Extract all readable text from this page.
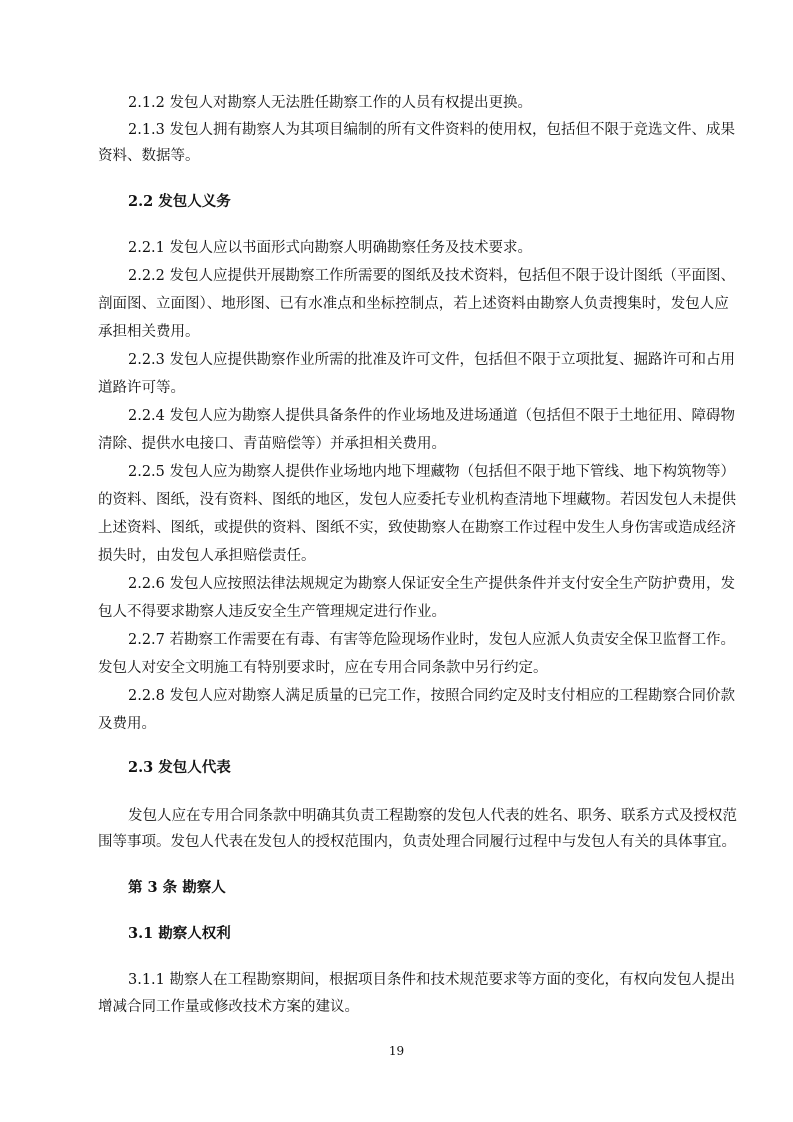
2.1.2 发包人对勘察人无法胜任勘察工作的人员有权提出更换。

2.1.3 发包人拥有勘察人为其项目编制的所有文件资料的使用权，包括但不限于竞选文件、成果

资料、数据等。

2.2 发包人义务

2.2.1 发包人应以书面形式向勘察人明确勘察任务及技术要求。

2.2.2 发包人应提供开展勘察工作所需要的图纸及技术资料，包括但不限于设计图纸（平面图、

剖面图、立面图）、地形图、已有水准点和坐标控制点，若上述资料由勘察人负责搜集时，发包人应

承担相关费用。

2.2.3 发包人应提供勘察作业所需的批准及许可文件，包括但不限于立项批复、掘路许可和占用

道路许可等。

2.2.4 发包人应为勘察人提供具备条件的作业场地及进场通道（包括但不限于土地征用、障碍物

清除、提供水电接口、青苗赔偿等）并承担相关费用。

2.2.5 发包人应为勘察人提供作业场地内地下埋藏物（包括但不限于地下管线、地下构筑物等）

的资料、图纸，没有资料、图纸的地区，发包人应委托专业机构查清地下埋藏物。若因发包人未提供

上述资料、图纸，或提供的资料、图纸不实，致使勘察人在勘察工作过程中发生人身伤害或造成经济

损失时，由发包人承担赔偿责任。

2.2.6 发包人应按照法律法规规定为勘察人保证安全生产提供条件并支付安全生产防护费用，发

包人不得要求勘察人违反安全生产管理规定进行作业。

2.2.7 若勘察工作需要在有毒、有害等危险现场作业时，发包人应派人负责安全保卫监督工作。

发包人对安全文明施工有特别要求时，应在专用合同条款中另行约定。

2.2.8 发包人应对勘察人满足质量的已完工作，按照合同约定及时支付相应的工程勘察合同价款

及费用。

2.3 发包人代表

发包人应在专用合同条款中明确其负责工程勘察的发包人代表的姓名、职务、联系方式及授权范

围等事项。发包人代表在发包人的授权范围内，负责处理合同履行过程中与发包人有关的具体事宜。

第 3 条 勘察人

3.1 勘察人权利

3.1.1 勘察人在工程勘察期间，根据项目条件和技术规范要求等方面的变化，有权向发包人提出

增减合同工作量或修改技术方案的建议。

19
